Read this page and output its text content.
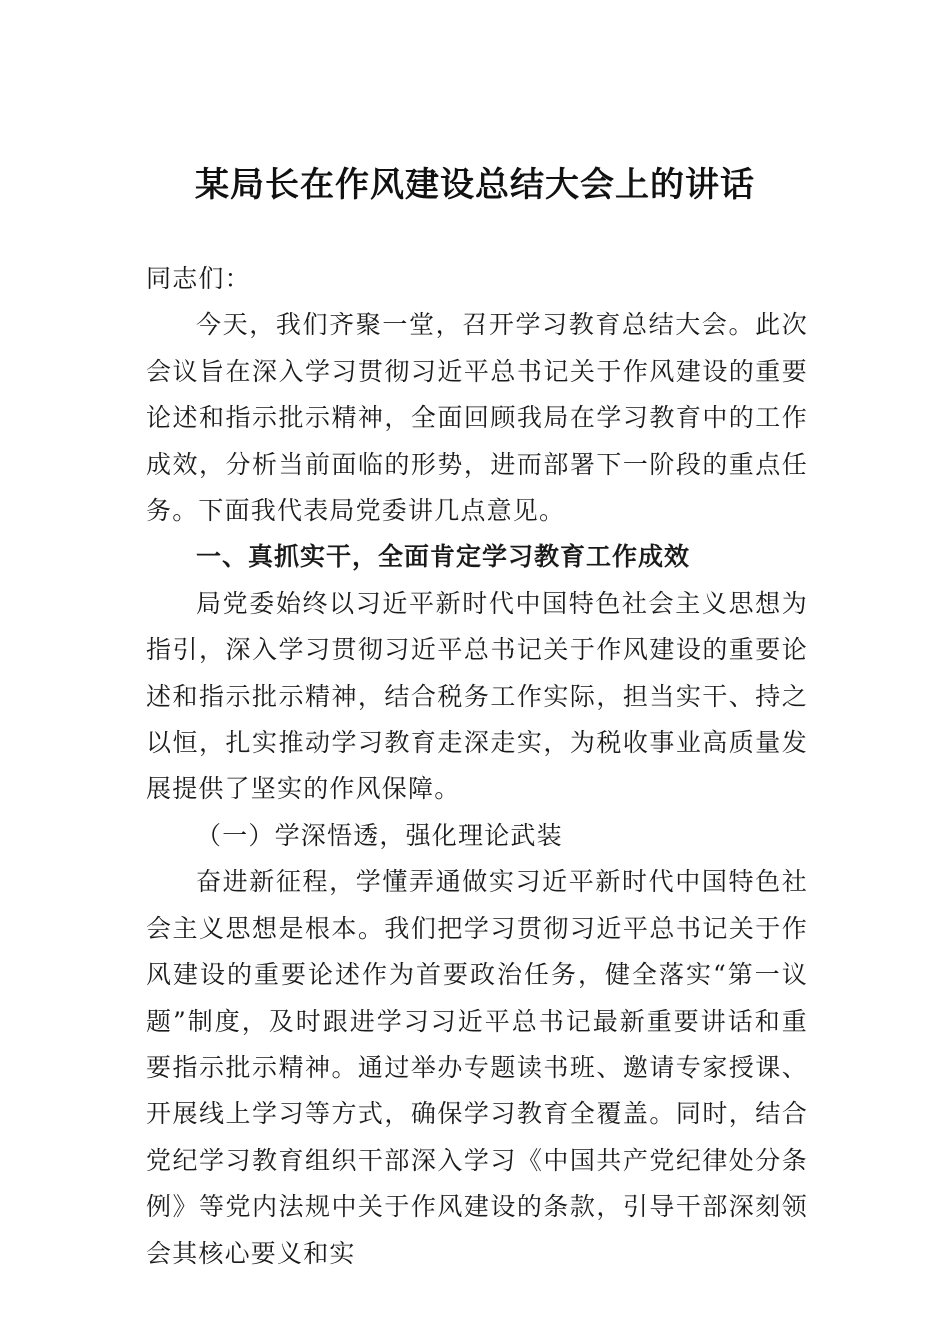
某局长在作风建设总结大会上的讲话

同志们：

今天，我们齐聚一堂，召开学习教育总结大会。此次会议旨在深入学习贯彻习近平总书记关于作风建设的重要论述和指示批示精神，全面回顾我局在学习教育中的工作成效，分析当前面临的形势，进而部署下一阶段的重点任务。下面我代表局党委讲几点意见。

一、真抓实干，全面肯定学习教育工作成效

局党委始终以习近平新时代中国特色社会主义思想为指引，深入学习贯彻习近平总书记关于作风建设的重要论述和指示批示精神，结合税务工作实际，担当实干、持之以恒，扎实推动学习教育走深走实，为税收事业高质量发展提供了坚实的作风保障。

（一）学深悟透，强化理论武装

奋进新征程，学懂弄通做实习近平新时代中国特色社会主义思想是根本。我们把学习贯彻习近平总书记关于作风建设的重要论述作为首要政治任务，健全落实“第一议题”制度，及时跟进学习习近平总书记最新重要讲话和重要指示批示精神。通过举办专题读书班、邀请专家授课、开展线上学习等方式，确保学习教育全覆盖。同时，结合党纪学习教育组织干部深入学习《中国共产党纪律处分条例》等党内法规中关于作风建设的条款，引导干部深刻领会其核心要义和实
